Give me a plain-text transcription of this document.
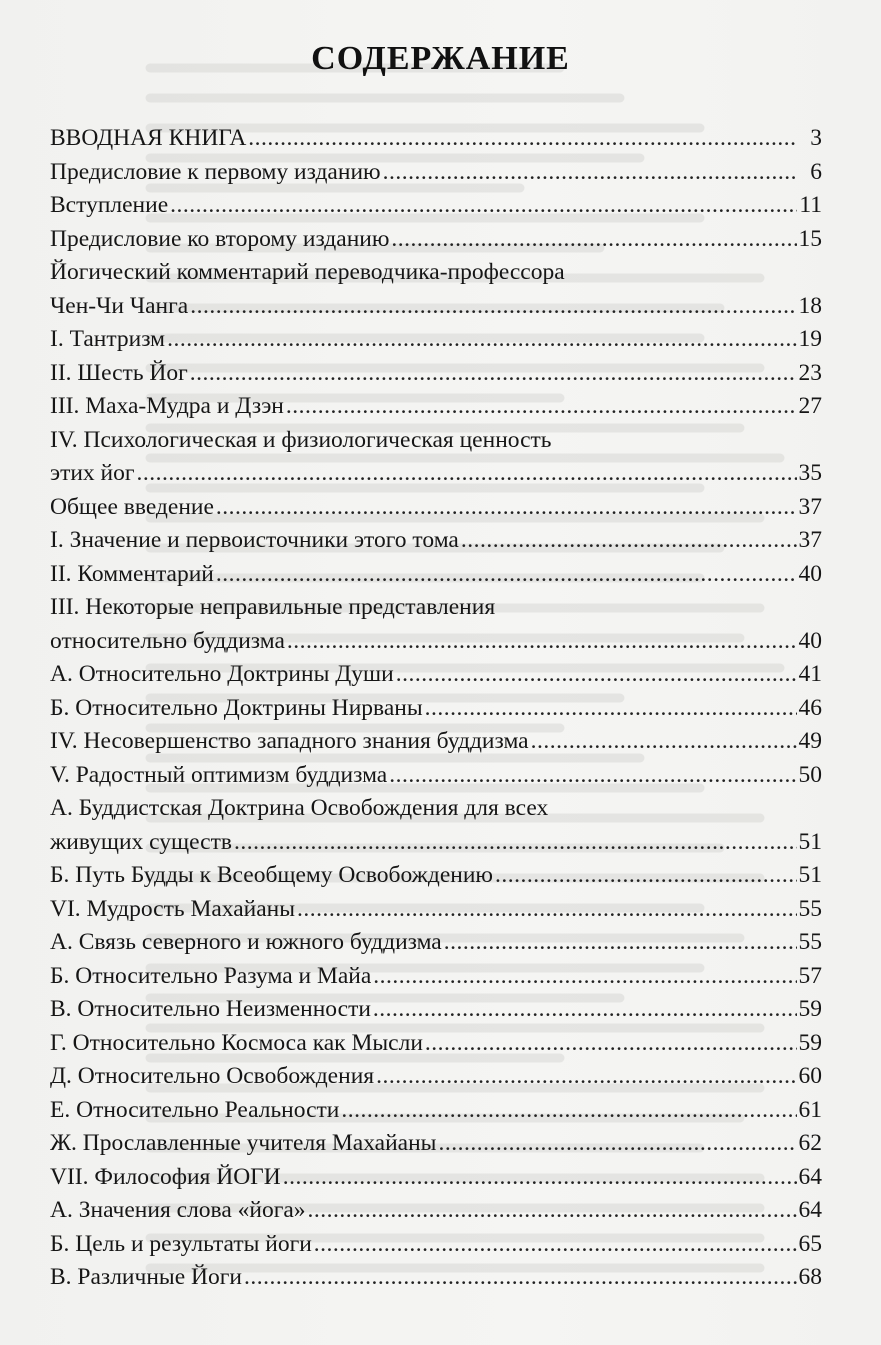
СОДЕРЖАНИЕ
ВВОДНАЯ КНИГА .....	3
Предисловие к первому изданию .....	6
Вступление .....	11
Предисловие ко второму изданию .....	15
Йогический комментарий переводчика-профессора
Чен-Чи Чанга .....	18
I. Тантризм .....	19
II. Шесть Йог .....	23
III. Маха-Мудра и Дзэн .....	27
IV. Психологическая и физиологическая ценность
этих йог .....	35
Общее введение .....	37
I. Значение и первоисточники этого тома .....	37
II. Комментарий .....	40
III. Некоторые неправильные представления
относительно буддизма .....	40
А. Относительно Доктрины Души .....	41
Б. Относительно Доктрины Нирваны .....	46
IV. Несовершенство западного знания буддизма .....	49
V. Радостный оптимизм буддизма .....	50
А. Буддистская Доктрина Освобождения для всех
живущих существ .....	51
Б. Путь Будды к Всеобщему Освобождению .....	51
VI. Мудрость Махайаны .....	55
А. Связь северного и южного буддизма .....	55
Б. Относительно Разума и Майа .....	57
В. Относительно Неизменности .....	59
Г. Относительно Космоса как Мысли .....	59
Д. Относительно Освобождения .....	60
Е. Относительно Реальности .....	61
Ж. Прославленные учителя Махайаны .....	62
VII. Философия ЙОГИ .....	64
А. Значения слова «йога» .....	64
Б. Цель и результаты йоги .....	65
В. Различные Йоги .....	68
